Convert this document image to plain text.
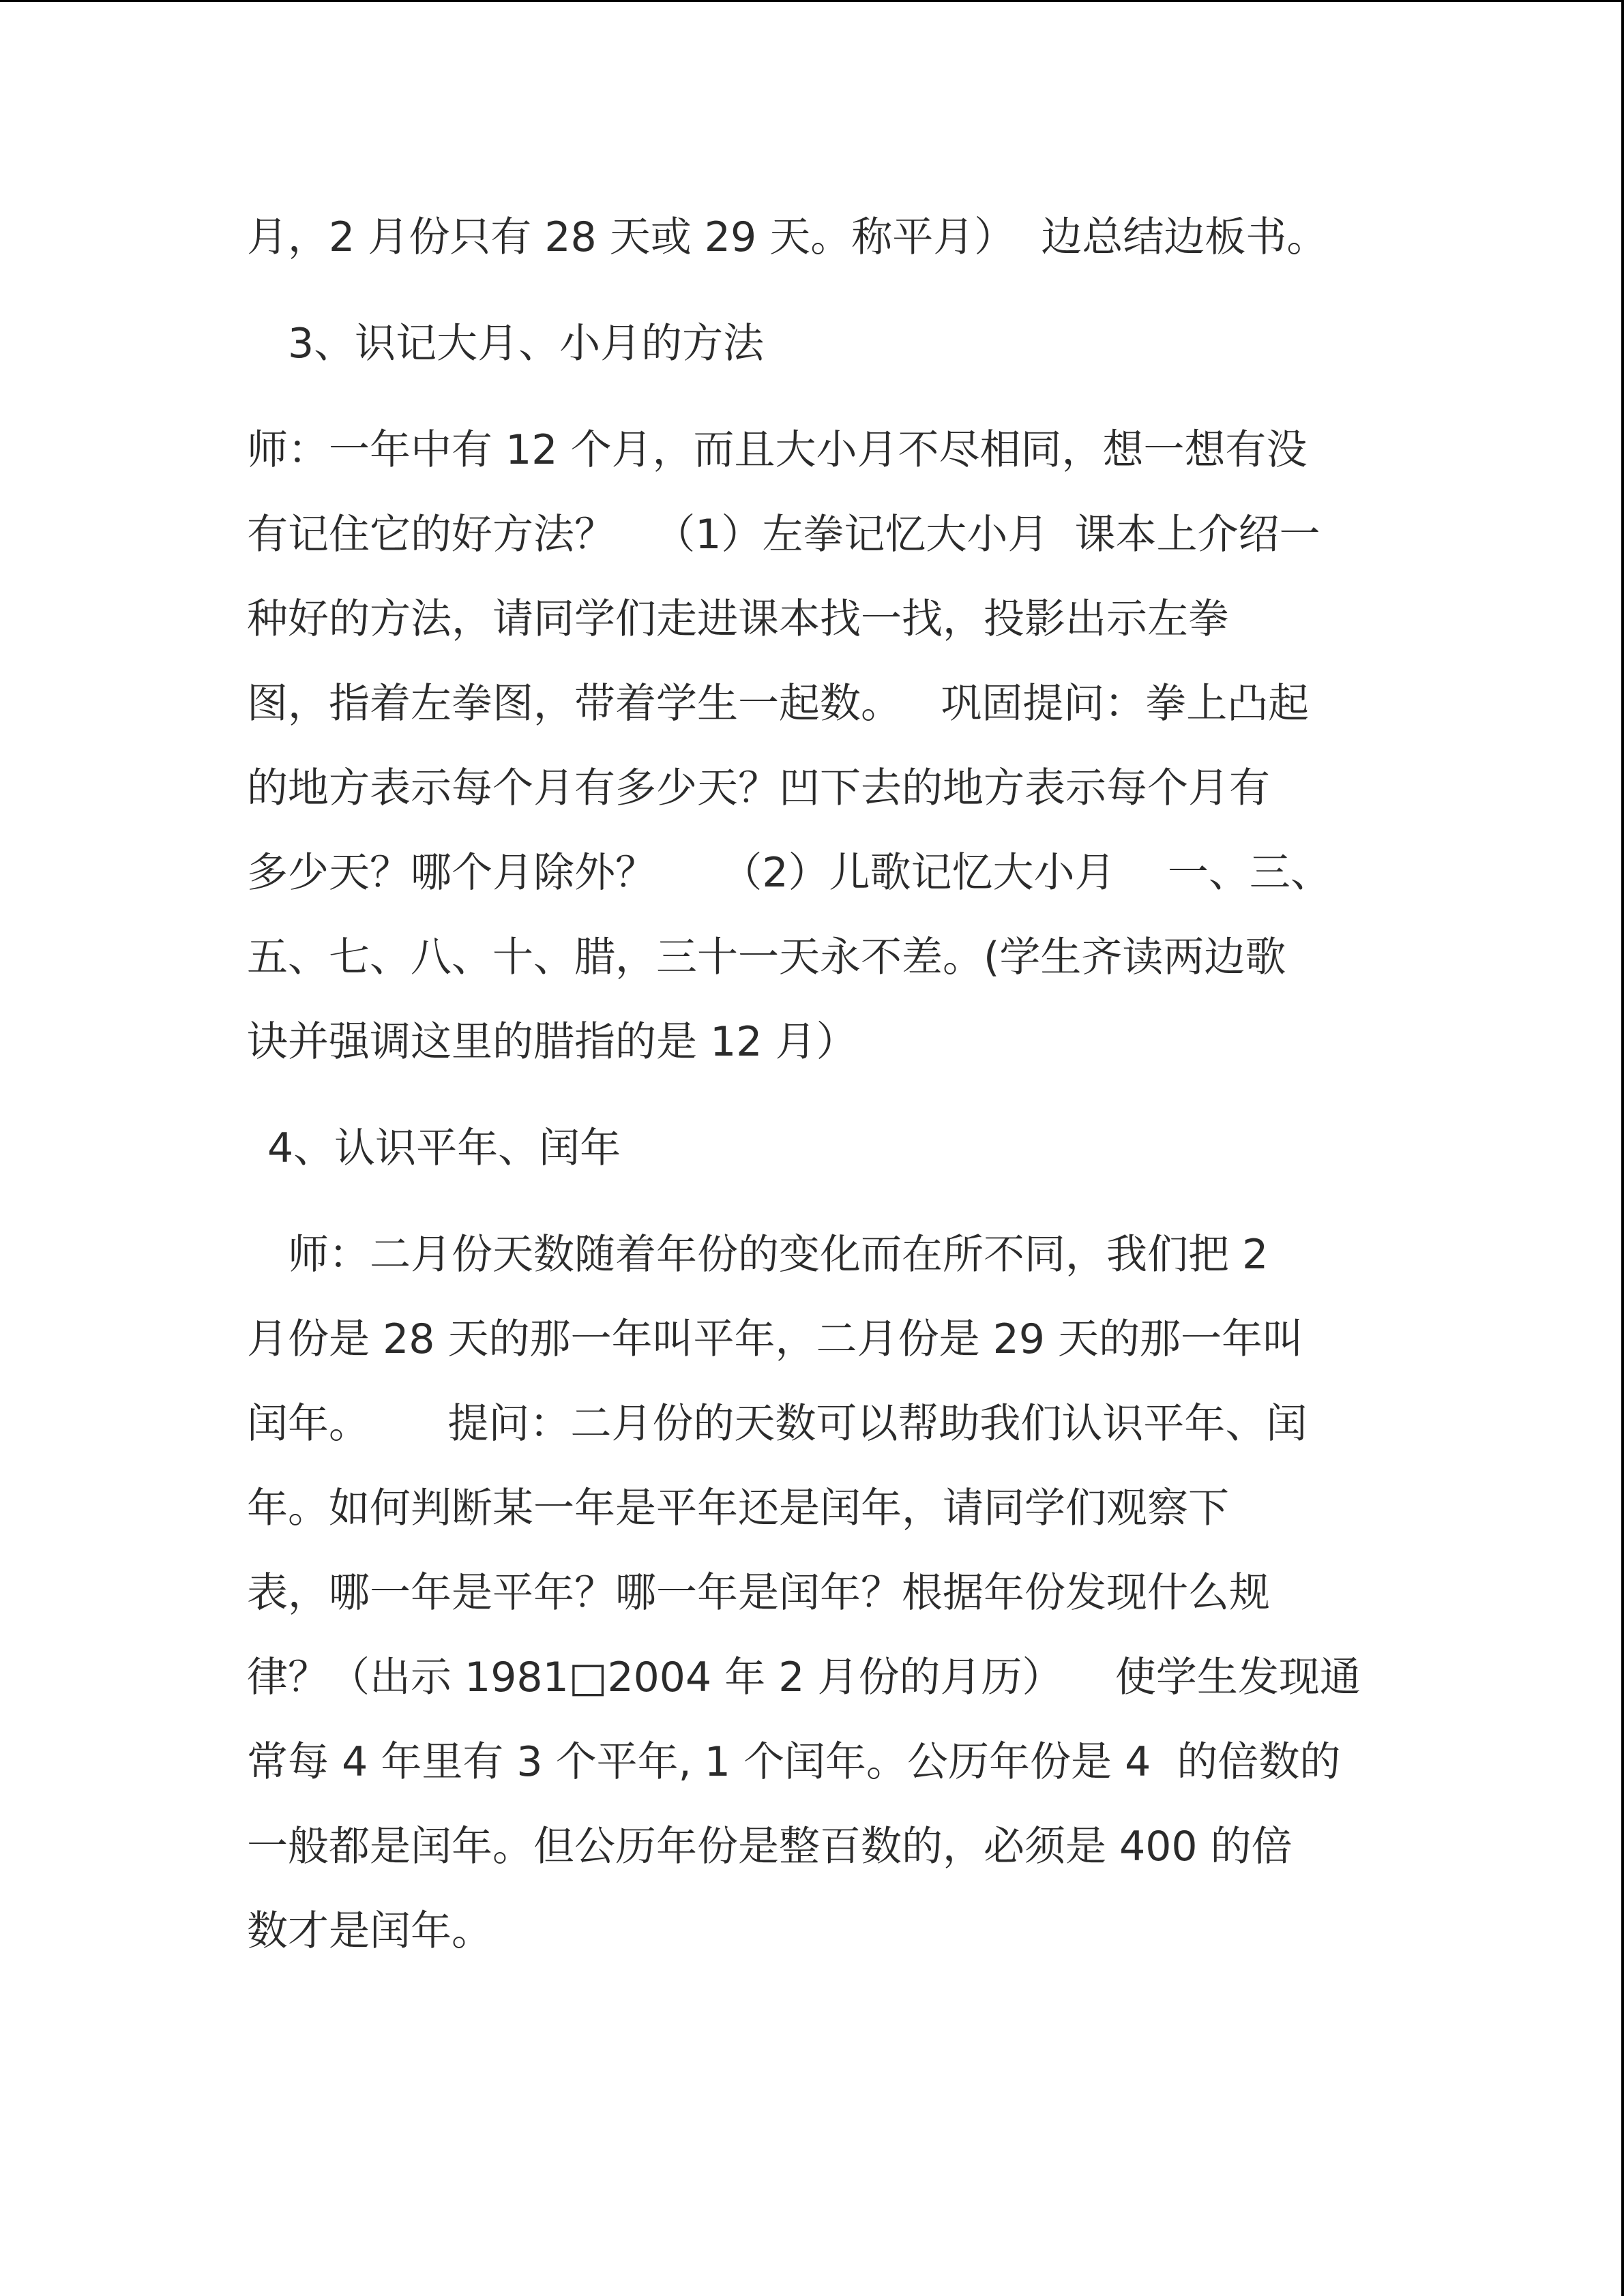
月，2 月份只有 28 天或 29 天。称平月）  边总结边板书。
3、识记大月、小月的方法
师：一年中有 12 个月，而且大小月不尽相同，想一想有没
有记住它的好方法？   （1）左拳记忆大小月  课本上介绍一
种好的方法，请同学们走进课本找一找，投影出示左拳
图，指着左拳图，带着学生一起数。   巩固提问：拳上凸起
的地方表示每个月有多少天？凹下去的地方表示每个月有
多少天？哪个月除外？     （2）儿歌记忆大小月    一、三、
五、七、八、十、腊，三十一天永不差。(学生齐读两边歌
诀并强调这里的腊指的是 12 月）
4、认识平年、闰年
师：二月份天数随着年份的变化而在所不同，我们把 2
月份是 28 天的那一年叫平年，二月份是 29 天的那一年叫
闰年。      提问：二月份的天数可以帮助我们认识平年、闰
年。如何判断某一年是平年还是闰年，请同学们观察下
表，哪一年是平年？哪一年是闰年？根据年份发现什么规
律？（出示 1981□2004 年 2 月份的月历）    使学生发现通
常每 4 年里有 3 个平年, 1 个闰年。公历年份是 4  的倍数的
一般都是闰年。但公历年份是整百数的，必须是 400 的倍
数才是闰年。
